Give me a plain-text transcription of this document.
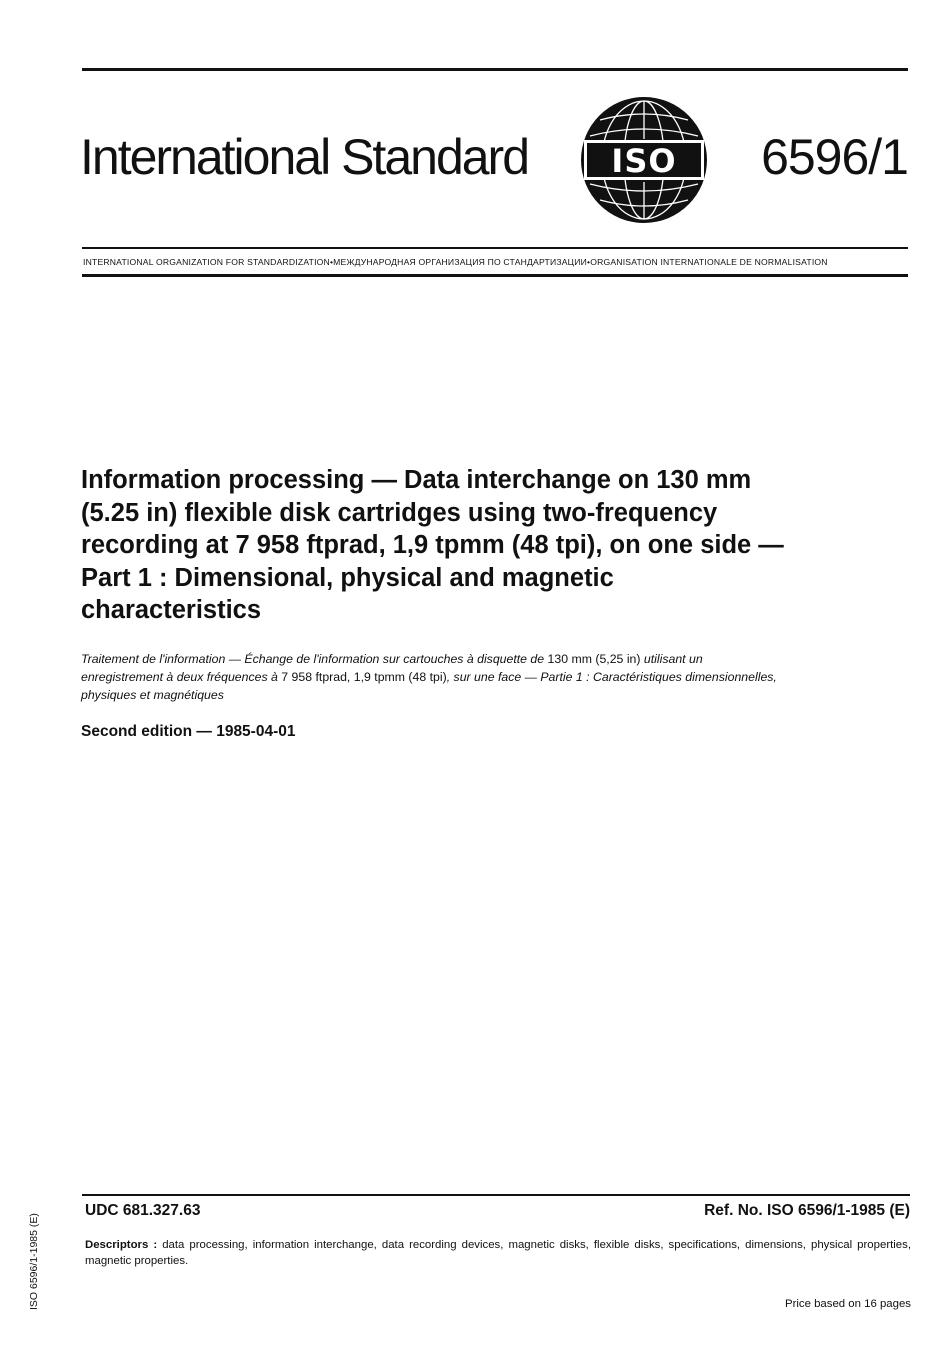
International Standard	ISO 6596/1
INTERNATIONAL ORGANIZATION FOR STANDARDIZATION•МЕЖДУНАРОДНАЯ ОРГАНИЗАЦИЯ ПО СТАНДАРТИЗАЦИИ•ORGANISATION INTERNATIONALE DE NORMALISATION
Information processing — Data interchange on 130 mm
(5.25 in) flexible disk cartridges using two-frequency
recording at 7 958 ftprad, 1,9 tpmm (48 tpi), on one side —
Part 1 : Dimensional, physical and magnetic
characteristics
Traitement de l'information — Échange de l'information sur cartouches à disquette de 130 mm (5,25 in) utilisant un
enregistrement à deux fréquences à 7 958 ftprad, 1,9 tpmm (48 tpi), sur une face — Partie 1 : Caractéristiques dimensionnelles,
physiques et magnétiques
Second edition — 1985-04-01
ISO 6596/1-1985 (E)
UDC 681.327.63	Ref. No. ISO 6596/1-1985 (E)
Descriptors : data processing, information interchange, data recording devices, magnetic disks, flexible disks, specifications, dimensions, physical properties, magnetic properties.
Price based on 16 pages
